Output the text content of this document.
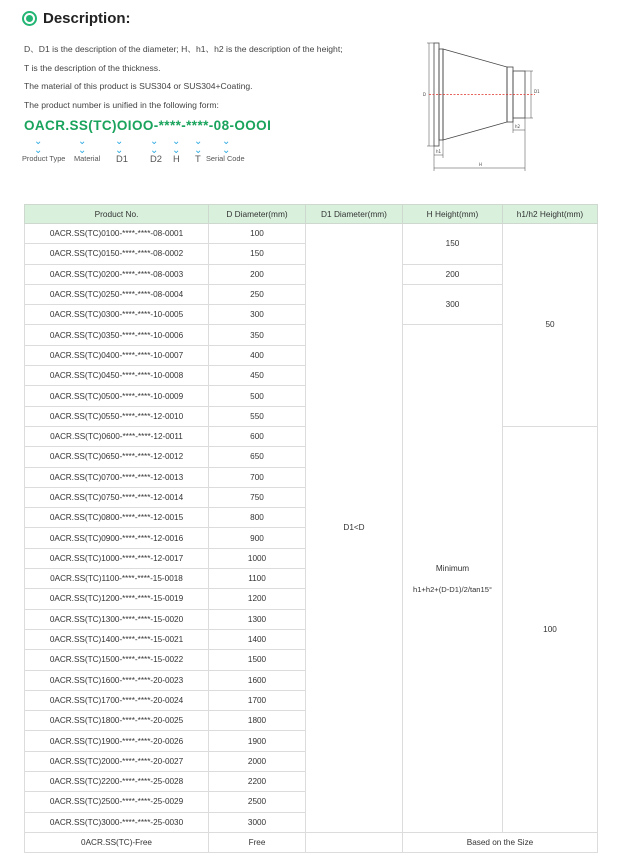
Description:
D、D1 is the description of the diameter; H、h1、h2 is the description of the height;
T is the description of the thickness.
The material of this product is SUS304 or SUS304+Coating.
The product number is unified in the following form:
OACR.SS(TC)OIOO-****-****-08-OOOI
⌄
⌄
⌄
⌄
⌄
⌄
⌄
⌄
⌄
⌄
⌄
⌄
⌄
⌄
Product Type Material D1 D2 H T Serial Code
D
D1
H
h1
h2
Product No.	D Diameter(mm)	D1 Diameter(mm)	H Height(mm)	h1/h2 Height(mm)
0ACR.SS(TC)0100-****-****-08-0001	100	D1<D	150	50
0ACR.SS(TC)0150-****-****-08-0002	150			
0ACR.SS(TC)0200-****-****-08-0003	200		200	
0ACR.SS(TC)0250-****-****-08-0004	250		300	
0ACR.SS(TC)0300-****-****-10-0005	300			
0ACR.SS(TC)0350-****-****-10-0006	350		Minimum
h1+h2+(D-D1)/2/tan15°	

0ACR.SS(TC)0400-****-****-10-0007	400			
0ACR.SS(TC)0450-****-****-10-0008	450			
0ACR.SS(TC)0500-****-****-10-0009	500			
0ACR.SS(TC)0550-****-****-12-0010	550			
0ACR.SS(TC)0600-****-****-12-0011	600			100
0ACR.SS(TC)0650-****-****-12-0012	650			
0ACR.SS(TC)0700-****-****-12-0013	700			
0ACR.SS(TC)0750-****-****-12-0014	750			
0ACR.SS(TC)0800-****-****-12-0015	800			
0ACR.SS(TC)0900-****-****-12-0016	900			
0ACR.SS(TC)1000-****-****-12-0017	1000			
0ACR.SS(TC)1100-****-****-15-0018	1100			
0ACR.SS(TC)1200-****-****-15-0019	1200			
0ACR.SS(TC)1300-****-****-15-0020	1300			
0ACR.SS(TC)1400-****-****-15-0021	1400			
0ACR.SS(TC)1500-****-****-15-0022	1500			
0ACR.SS(TC)1600-****-****-20-0023	1600			
0ACR.SS(TC)1700-****-****-20-0024	1700			
0ACR.SS(TC)1800-****-****-20-0025	1800			
0ACR.SS(TC)1900-****-****-20-0026	1900			
0ACR.SS(TC)2000-****-****-20-0027	2000			
0ACR.SS(TC)2200-****-****-25-0028	2200			
0ACR.SS(TC)2500-****-****-25-0029	2500			
0ACR.SS(TC)3000-****-****-25-0030	3000			
0ACR.SS(TC)-Free	Free		Based on the Size	
